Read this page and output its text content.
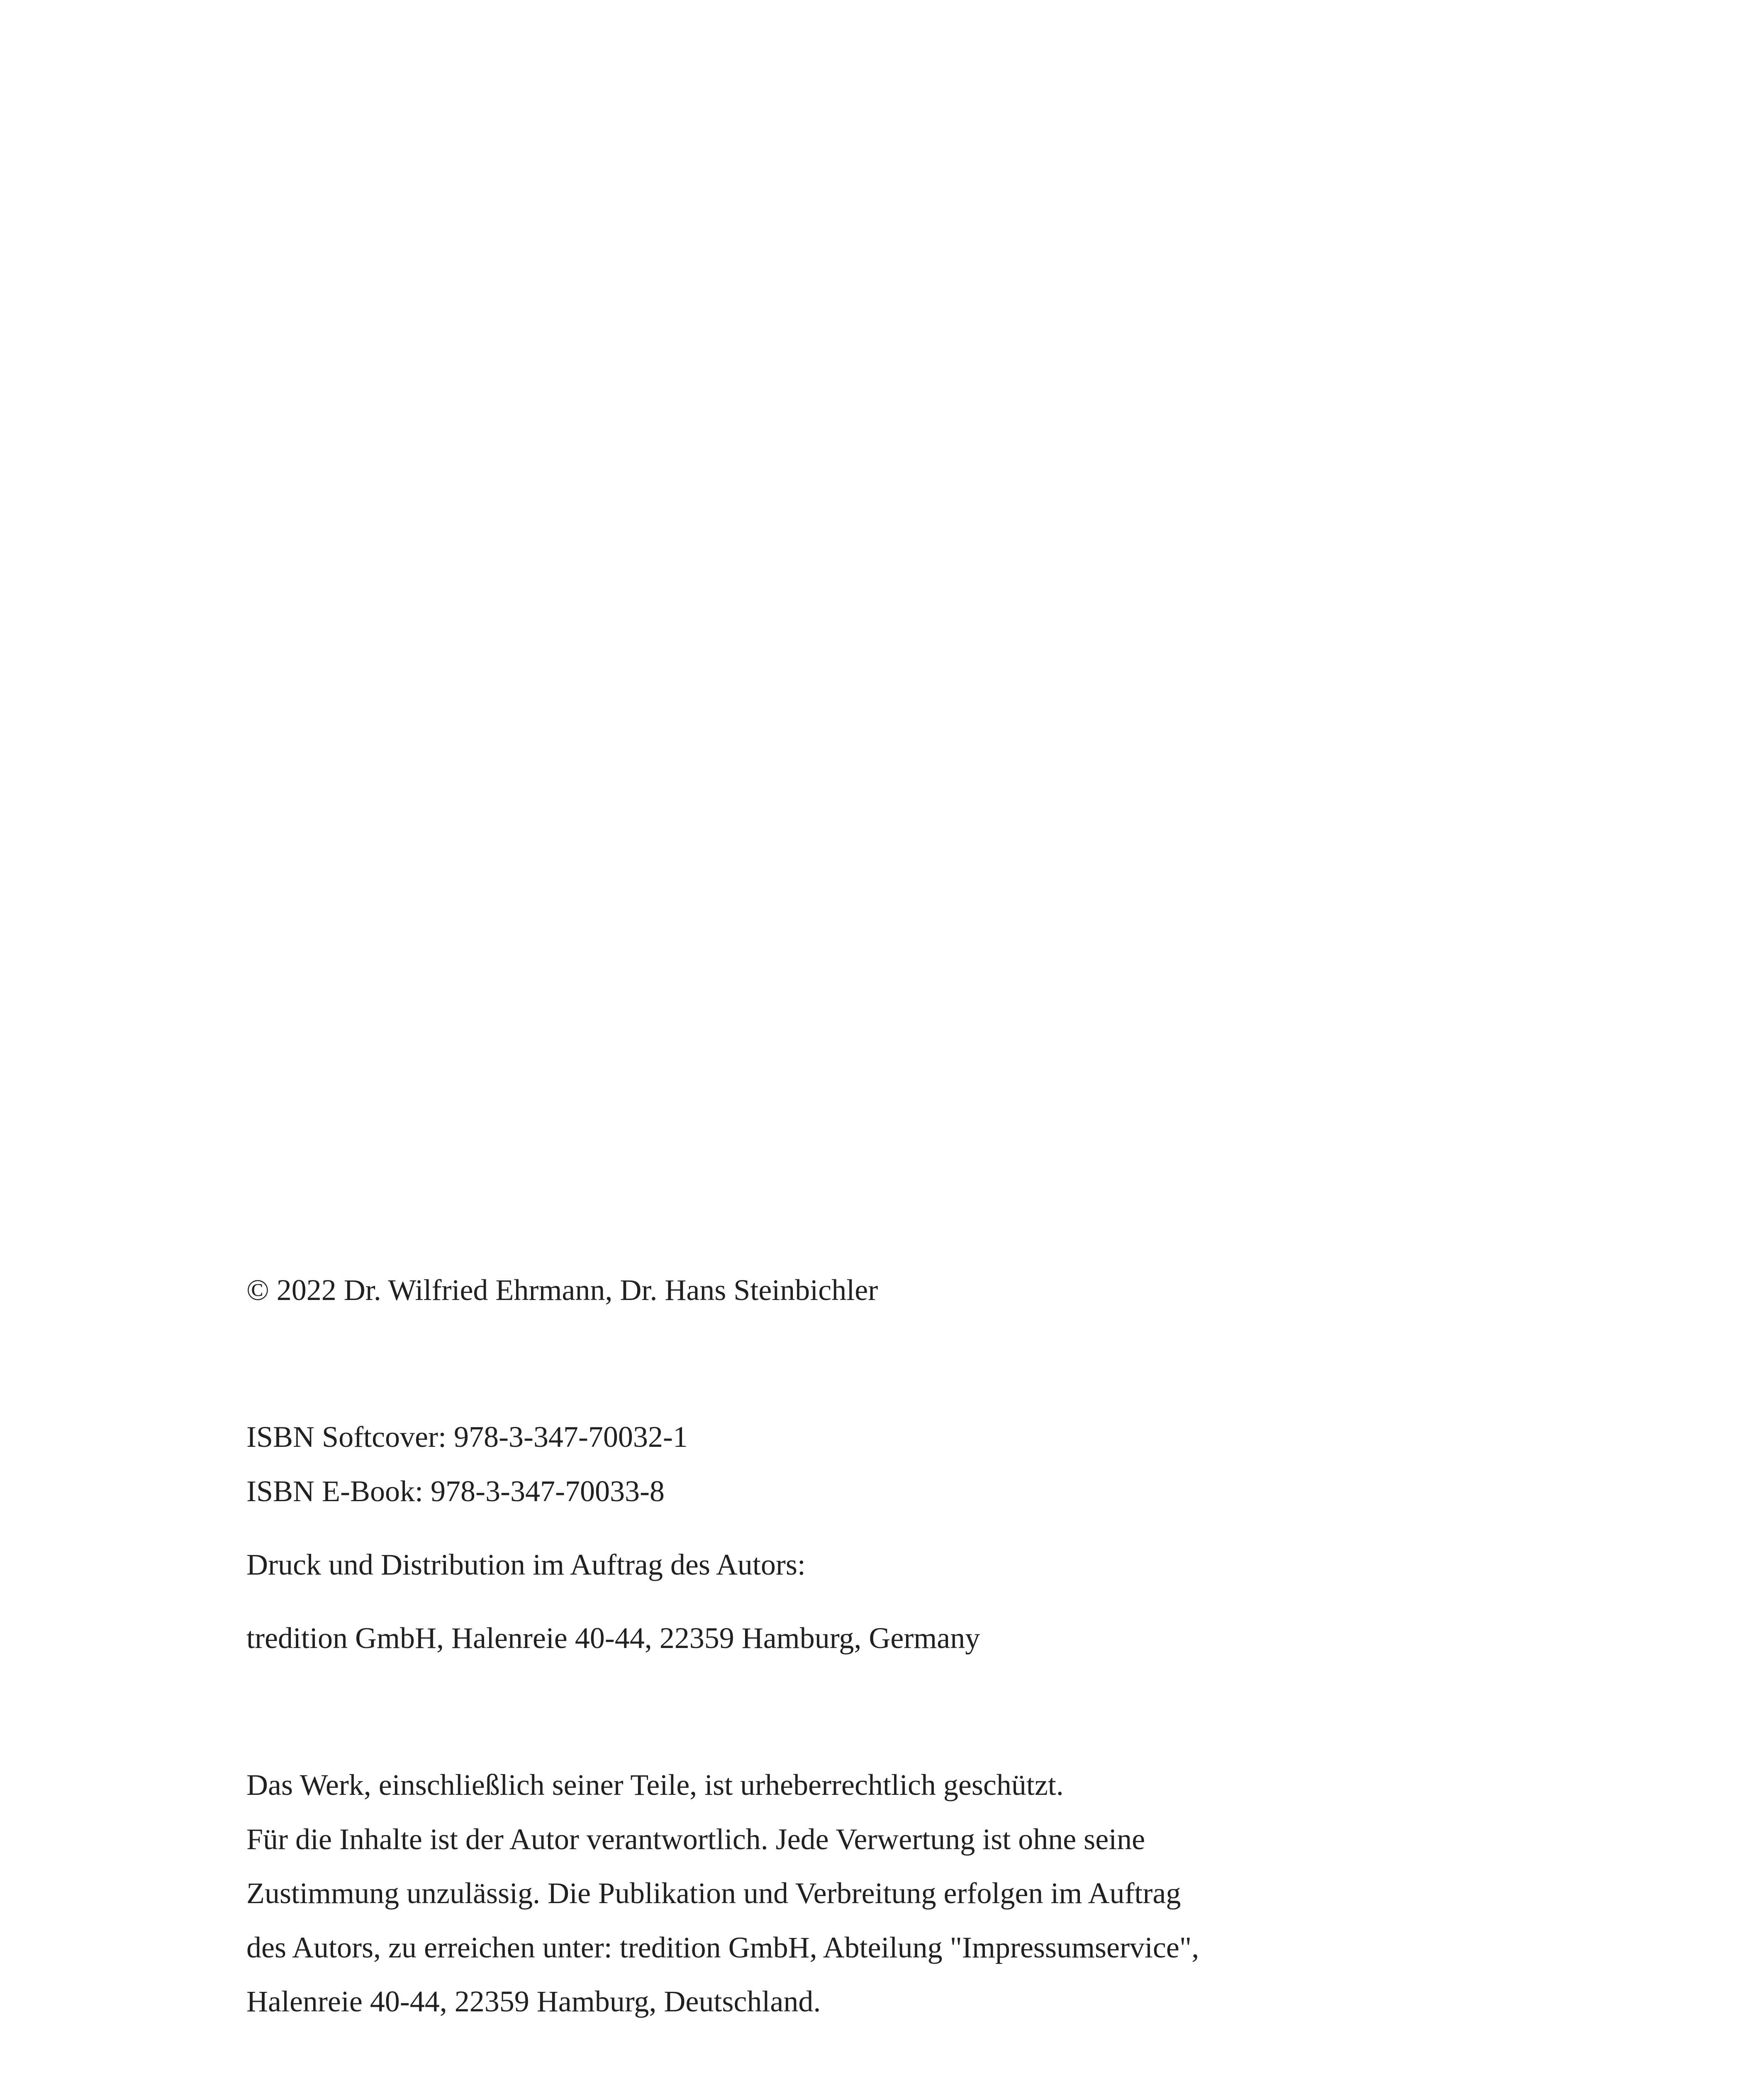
© 2022 Dr. Wilfried Ehrmann, Dr. Hans Steinbichler

ISBN Softcover: 978-3-347-70032-1

ISBN E-Book: 978-3-347-70033-8

Druck und Distribution im Auftrag des Autors:

tredition GmbH, Halenreie 40-44, 22359 Hamburg, Germany

Das Werk, einschließlich seiner Teile, ist urheberrechtlich geschützt.

Für die Inhalte ist der Autor verantwortlich. Jede Verwertung ist ohne seine

Zustimmung unzulässig. Die Publikation und Verbreitung erfolgen im Auftrag

des Autors, zu erreichen unter: tredition GmbH, Abteilung "Impressumservice",

Halenreie 40-44, 22359 Hamburg, Deutschland.
